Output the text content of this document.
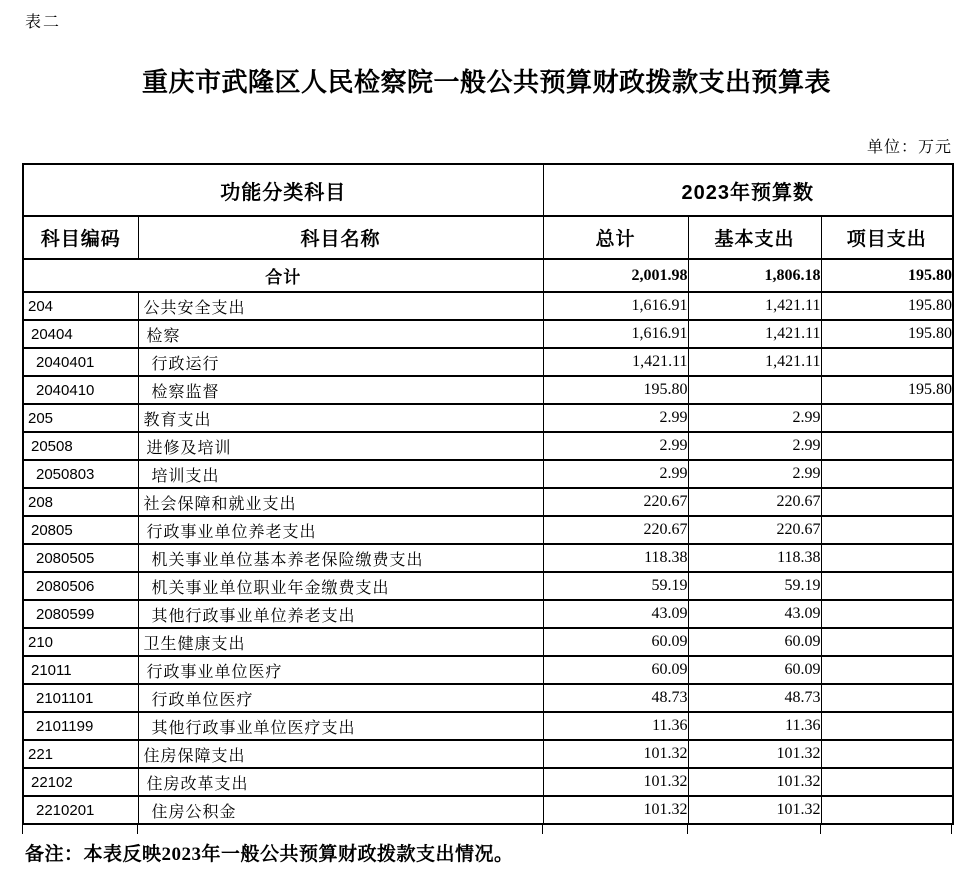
表二
重庆市武隆区人民检察院一般公共预算财政拨款支出预算表
单位：万元
功能分类科目		2023年预算数		
科目编码	科目名称	总计	基本支出	项目支出
合计		2,001.98	1,806.18	195.80
204	公共安全支出	1,616.91	1,421.11	195.80
20404	检察	1,616.91	1,421.11	195.80
2040401	行政运行	1,421.11	1,421.11	
2040410	检察监督	195.80		195.80
205	教育支出	2.99	2.99	
20508	进修及培训	2.99	2.99	
2050803	培训支出	2.99	2.99	
208	社会保障和就业支出	220.67	220.67	
20805	行政事业单位养老支出	220.67	220.67	
2080505	机关事业单位基本养老保险缴费支出	118.38	118.38	
2080506	机关事业单位职业年金缴费支出	59.19	59.19	
2080599	其他行政事业单位养老支出	43.09	43.09	
210	卫生健康支出	60.09	60.09	
21011	行政事业单位医疗	60.09	60.09	
2101101	行政单位医疗	48.73	48.73	
2101199	其他行政事业单位医疗支出	11.36	11.36	
221	住房保障支出	101.32	101.32	
22102	住房改革支出	101.32	101.32	
2210201	住房公积金	101.32	101.32	
备注：本表反映2023年一般公共预算财政拨款支出情况。
